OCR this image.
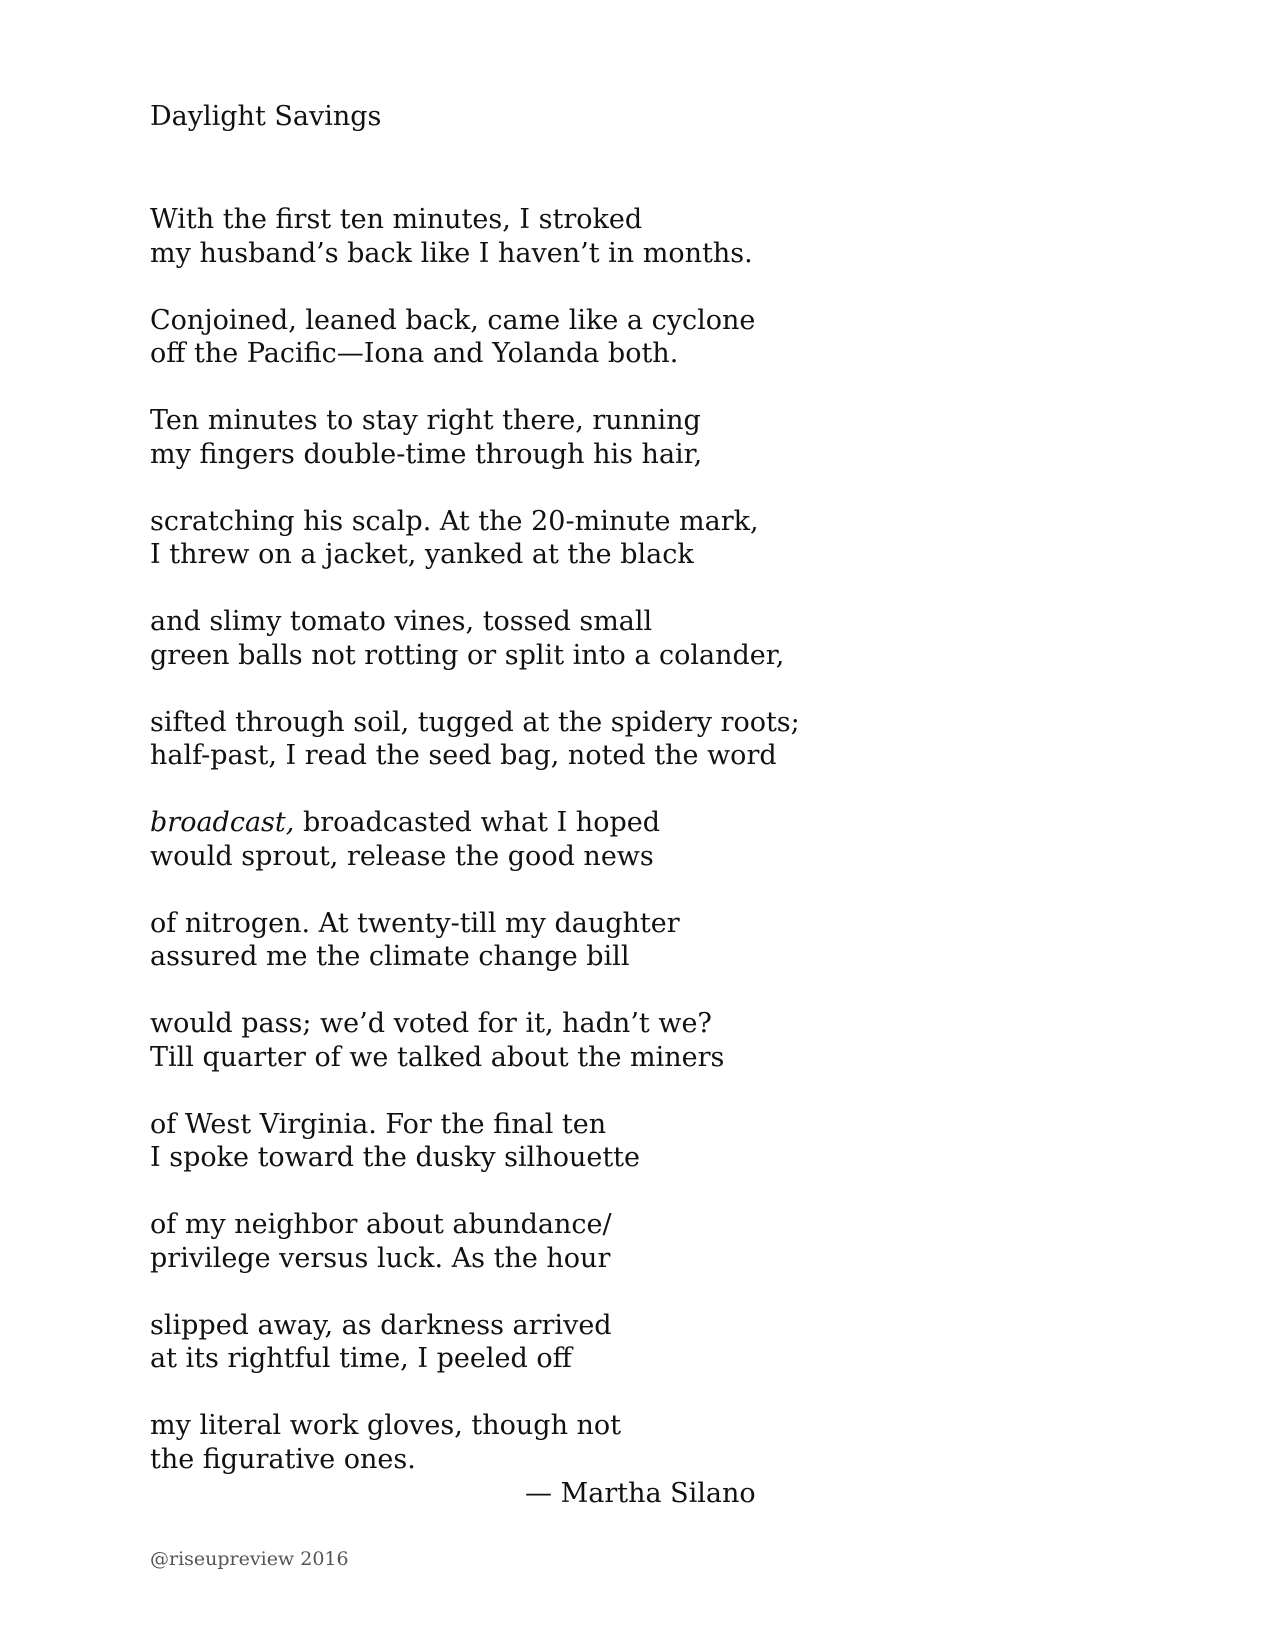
Daylight Savings
With the first ten minutes, I stroked
my husband’s back like I haven’t in months.
Conjoined, leaned back, came like a cyclone
off the Pacific—Iona and Yolanda both.
Ten minutes to stay right there, running
my fingers double-time through his hair,
scratching his scalp. At the 20-minute mark,
I threw on a jacket, yanked at the black
and slimy tomato vines, tossed small
green balls not rotting or split into a colander,
sifted through soil, tugged at the spidery roots;
half-past, I read the seed bag, noted the word
broadcast, broadcasted what I hoped
would sprout, release the good news
of nitrogen. At twenty-till my daughter
assured me the climate change bill
would pass; we’d voted for it, hadn’t we?
Till quarter of we talked about the miners
of West Virginia. For the final ten
I spoke toward the dusky silhouette
of my neighbor about abundance/
privilege versus luck. As the hour
slipped away, as darkness arrived
at its rightful time, I peeled off
my literal work gloves, though not
the figurative ones.
— Martha Silano
@riseupreview 2016
